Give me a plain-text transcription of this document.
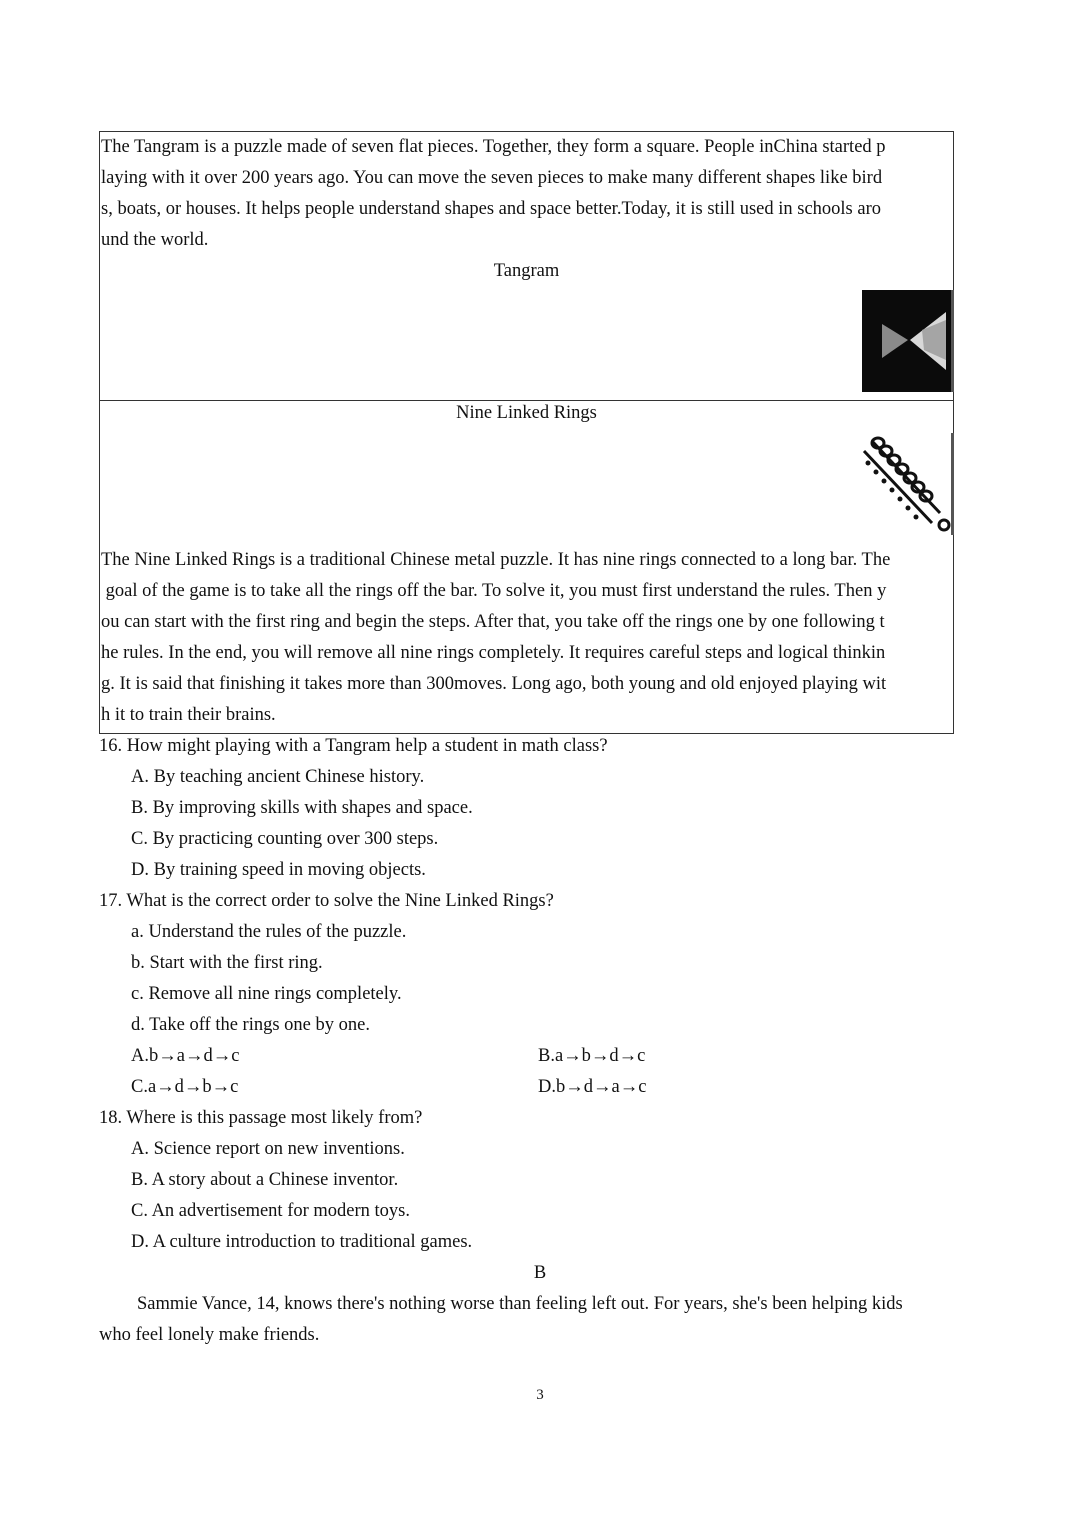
The Tangram is a puzzle made of seven flat pieces. Together, they form a square. People inChina started p
laying with it over 200 years ago. You can move the seven pieces to make many different shapes like bird
s, boats, or houses. It helps people understand shapes and space better.Today, it is still used in schools aro
und the world.
Tangram
Nine Linked Rings
The Nine Linked Rings is a traditional Chinese metal puzzle. It has nine rings connected to a long bar. The
goal of the game is to take all the rings off the bar. To solve it, you must first understand the rules. Then y
ou can start with the first ring and begin the steps. After that, you take off the rings one by one following t
he rules. In the end, you will remove all nine rings completely. It requires careful steps and logical thinkin
g. It is said that finishing it takes more than 300moves. Long ago, both young and old enjoyed playing wit
h it to train their brains.
16. How might playing with a Tangram help a student in math class?
A. By teaching ancient Chinese history.
B. By improving skills with shapes and space.
C. By practicing counting over 300 steps.
D. By training speed in moving objects.
17. What is the correct order to solve the Nine Linked Rings?
a. Understand the rules of the puzzle.
b. Start with the first ring.
c. Remove all nine rings completely.
d. Take off the rings one by one.
A.b→a→d→c	B.a→b→d→c
C.a→d→b→c	D.b→d→a→c
18. Where is this passage most likely from?
A. Science report on new inventions.
B. A story about a Chinese inventor.
C. An advertisement for modern toys.
D. A culture introduction to traditional games.
B
Sammie Vance, 14, knows there's nothing worse than feeling left out. For years, she's been helping kids
who feel lonely make friends.
3
